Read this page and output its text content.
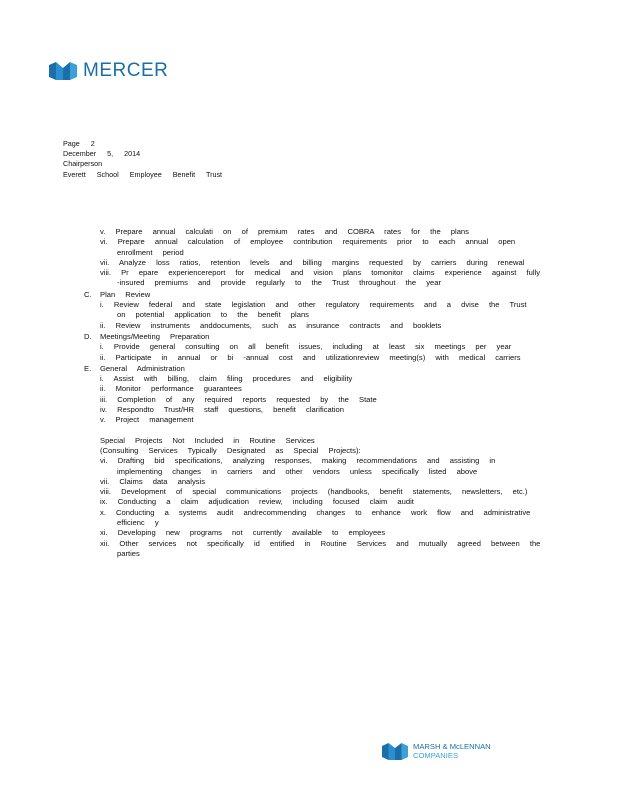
MERCER
Page 2
December 5, 2014
Chairperson
Everett School Employee Benefit Trust
v. Prepare annual calculati on of premium rates and COBRA rates for the plans
vi. Prepare annual calculation of employee contribution requirements prior to each annual open enrollment period
vii. Analyze loss ratios, retention levels and billing margins requested by carriers during renewal
viii. Pr epare experiencereport for medical and vision plans tomonitor claims experience against fully -insured premiums and provide regularly to the Trust throughout the year
C.	Plan Review
i. Review federal and state legislation and other regulatory requirements and a dvise the Trust on potential application to the benefit plans
ii. Review instruments anddocuments, such as insurance contracts and booklets
D.	Meetings/Meeting Preparation
i. Provide general consulting on all benefit issues, including at least six meetings per year
ii. Participate in annual or bi -annual cost and utilizationreview meeting(s) with medical carriers
E.	General Administration
i. Assist with billing, claim filing procedures and eligibility
ii. Monitor performance guarantees
iii. Completion of any required reports requested by the State
iv. Respondto Trust/HR staff questions, benefit clarification
v. Project management
Special Projects Not Included in Routine Services
(Consulting Services Typically Designated as Special Projects):
vi. Drafting bid specifications, analyzing responses, making recommendations and assisting in implementing changes in carriers and other vendors unless specifically listed above
vii. Claims data analysis
viii. Development of special communications projects (handbooks, benefit statements, newsletters, etc.)
ix. Conducting a claim adjudication review, including focused claim audit
x. Conducting a systems audit andrecommending changes to enhance work flow and administrative efficienc y
xi. Developing new programs not currently available to employees
xii. Other services not specifically id entified in Routine Services and mutually agreed between the parties
MARSH & McLENNAN
COMPANIES
